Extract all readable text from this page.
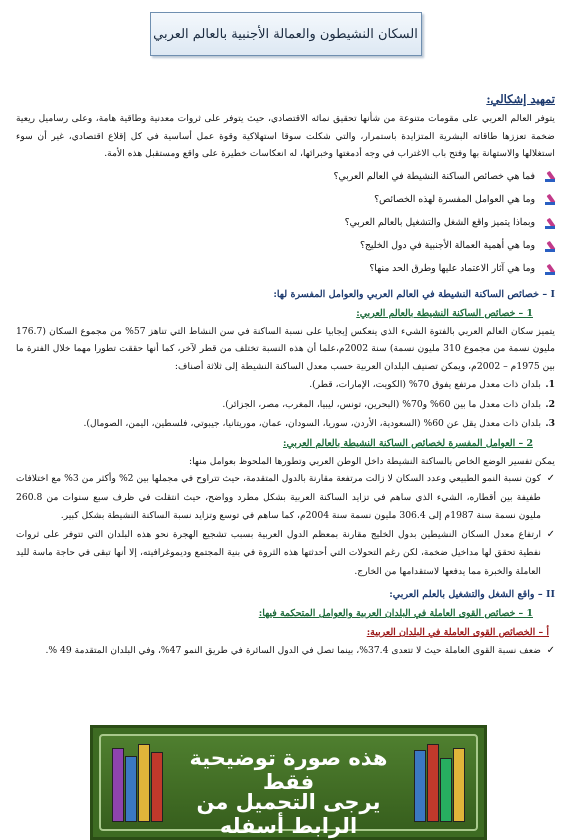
السكان النشيطون والعمالة الأجنبية بالعالم العربي
تمهيد إشكالي:

يتوفر العالم العربي على مقومات متنوعة من شأنها تحقيق نمائه الاقتصادي، حيث يتوفر على ثروات معدنية وطاقية هامة، وعلى رساميل ريعية ضخمة تعززها طاقاته البشرية المتزايدة باستمرار، والتي شكلت سوقا استهلاكية وقوة عمل أساسية في كل إقلاع اقتصادي، غير أن سوء استغلالها والاستهانة بها وفتح باب الاغتراب في وجه أدمغتها وخبرائها، له انعكاسات خطيرة على واقع ومستقبل هذه الأمة.

فما هي خصائص الساكنة النشيطة في العالم العربي؟
وما هي العوامل المفسرة لهذه الخصائص؟
وبماذا يتميز واقع الشغل والتشغيل بالعالم العربي؟
وما هي أهمية العمالة الأجنبية في دول الخليج؟
وما هي آثار الاعتماد عليها وطرق الحد منها؟
I – خصائص الساكنة النشيطة في العالم العربي والعوامل المفسرة لها:
1 – خصائص الساكنة النشيطة بالعالم العربي:

يتميز سكان العالم العربي بالفتوة الشيء الذي ينعكس إيجابيا على نسبة الساكنة في سن النشاط التي تناهز 57% من مجموع السكان (176.7 مليون نسمة من مجموع 310 مليون نسمة) سنة 2002م،علما أن هذه النسبة تختلف من قطر لآخر، كما أنها حققت تطورا مهما خلال الفترة ما بين 1975م – 2002م، ويمكن تصنيف البلدان العربية حسب معدل الساكنة النشيطة إلى ثلاثة أصناف:

1.
بلدان ذات معدل مرتفع يفوق 70% (الكويت، الإمارات، قطر).
2.
بلدان ذات معدل ما بين 60% و70% (البحرين، تونس، ليبيا، المغرب، مصر، الجزائر).
3.
بلدان ذات معدل يقل عن 60% (السعودية، الأردن، سوريا، السودان، عمان، موريتانيا، جيبوتي، فلسطين، اليمن، الصومال).
2 – العوامل المفسرة لخصائص الساكنة النشيطة بالعالم العربي:

يمكن تفسير الوضع الخاص بالساكنة النشيطة داخل الوطن العربي وتطورها الملحوظ بعوامل منها:

✓
كون نسبة النمو الطبيعي وعدد السكان لا زالت مرتفعة مقارنة بالدول المتقدمة، حيث تتراوح في مجملها بين 2% وأكثر من 3% مع اختلافات طفيفة بين أقطاره، الشيء الذي ساهم في تزايد الساكنة العربية بشكل مطرد وواضح، حيث انتقلت في ظرف سبع سنوات من 260.8 مليون نسمة سنة 1987م إلى 306.4 مليون نسمة سنة 2004م، كما ساهم في توسع وتزايد نسبة الساكنة النشيطة بشكل كبير.
✓
ارتفاع معدل السكان النشيطين بدول الخليج مقارنة بمعظم الدول العربية بسبب تشجيع الهجرة نحو هذه البلدان التي تتوفر على ثروات نفطية تحقق لها مداخيل ضخمة، لكن رغم التحولات التي أحدثتها هذه الثروة في بنية المجتمع وديموغرافيته، إلا أنها تبقى في حاجة ماسة لليد العاملة والخبرة مما يدفعها لاستقدامها من الخارج.
II – واقع الشغل والتشغيل بالعلم العربي:
1 – خصائص القوى العاملة في البلدان العربية والعوامل المتحكمة فيها:
أ – الخصائص القوى العاملة في البلدان العربية:
✓
ضعف نسبة القوى العاملة حيث لا تتعدى 37.4%، بينما تصل في الدول السائرة في طريق النمو 47%، وفي البلدان المتقدمة 49 %.
هذه صورة توضيحية فقط
يرجى التحميل من الرابط أسفله
